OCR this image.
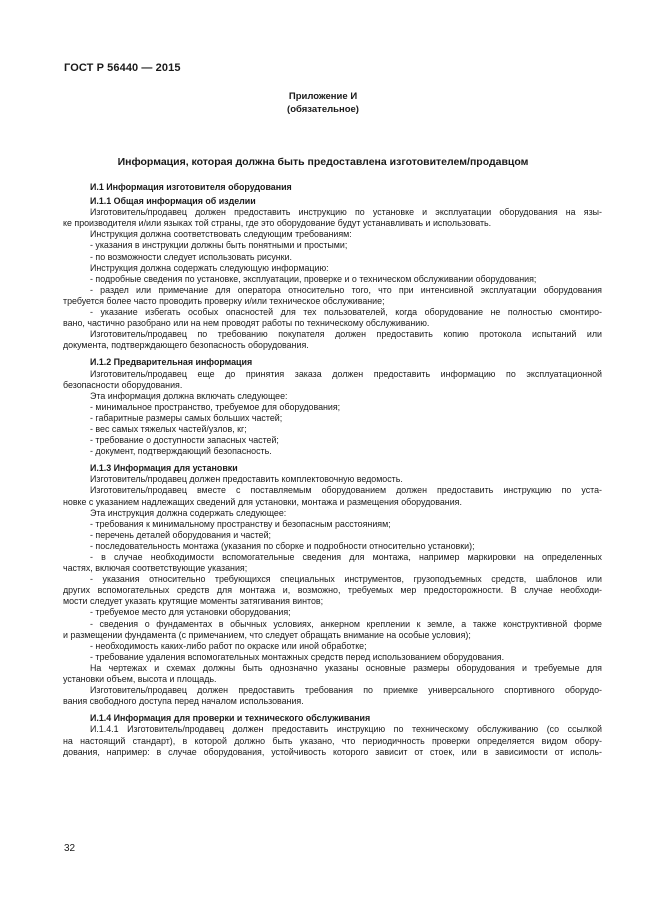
ГОСТ Р 56440 — 2015
Приложение И
(обязательное)
Информация, которая должна быть предоставлена изготовителем/продавцом
И.1 Информация изготовителя оборудования
И.1.1 Общая информация об изделии
Изготовитель/продавец должен предоставить инструкцию по установке и эксплуатации оборудования на язы-
ке производителя и/или языках той страны, где это оборудование будут устанавливать и использовать.
Инструкция должна соответствовать следующим требованиям:
- указания в инструкции должны быть понятными и простыми;
- по возможности следует использовать рисунки.
Инструкция должна содержать следующую информацию:
- подробные сведения по установке, эксплуатации, проверке и о техническом обслуживании оборудования;
- раздел или примечание для оператора относительно того, что при интенсивной эксплуатации оборудования
требуется более часто проводить проверку и/или техническое обслуживание;
- указание избегать особых опасностей для тех пользователей, когда оборудование не полностью смонтиро-
вано, частично разобрано или на нем проводят работы по техническому обслуживанию.
Изготовитель/продавец по требованию покупателя должен предоставить копию протокола испытаний или
документа, подтверждающего безопасность оборудования.
И.1.2 Предварительная информация
Изготовитель/продавец еще до принятия заказа должен предоставить информацию по эксплуатационной
безопасности оборудования.
Эта информация должна включать следующее:
- минимальное пространство, требуемое для оборудования;
- габаритные размеры самых больших частей;
- вес самых тяжелых частей/узлов, кг;
- требование о доступности запасных частей;
- документ, подтверждающий безопасность.
И.1.3 Информация для установки
Изготовитель/продавец должен предоставить комплектовочную ведомость.
Изготовитель/продавец вместе с поставляемым оборудованием должен предоставить инструкцию по уста-
новке с указанием надлежащих сведений для установки, монтажа и размещения оборудования.
Эта инструкция должна содержать следующее:
- требования к минимальному пространству и безопасным расстояниям;
- перечень деталей оборудования и частей;
- последовательность монтажа (указания по сборке и подробности относительно установки);
- в случае необходимости вспомогательные сведения для монтажа, например маркировки на определенных
частях, включая соответствующие указания;
- указания относительно требующихся специальных инструментов, грузоподъемных средств, шаблонов или
других вспомогательных средств для монтажа и, возможно, требуемых мер предосторожности. В случае необходи-
мости следует указать крутящие моменты затягивания винтов;
- требуемое место для установки оборудования;
- сведения о фундаментах в обычных условиях, анкерном креплении к земле, а также конструктивной форме
и размещении фундамента (с примечанием, что следует обращать внимание на особые условия);
- необходимость каких-либо работ по окраске или иной обработке;
- требование удаления вспомогательных монтажных средств перед использованием оборудования.
На чертежах и схемах должны быть однозначно указаны основные размеры оборудования и требуемые для
установки объем, высота и площадь.
Изготовитель/продавец должен предоставить требования по приемке универсального спортивного оборудо-
вания свободного доступа перед началом использования.
И.1.4 Информация для проверки и технического обслуживания
И.1.4.1 Изготовитель/продавец должен предоставить инструкцию по техническому обслуживанию (со ссылкой
на настоящий стандарт), в которой должно быть указано, что периодичность проверки определяется видом обору-
дования, например: в случае оборудования, устойчивость которого зависит от стоек, или в зависимости от исполь-
32
